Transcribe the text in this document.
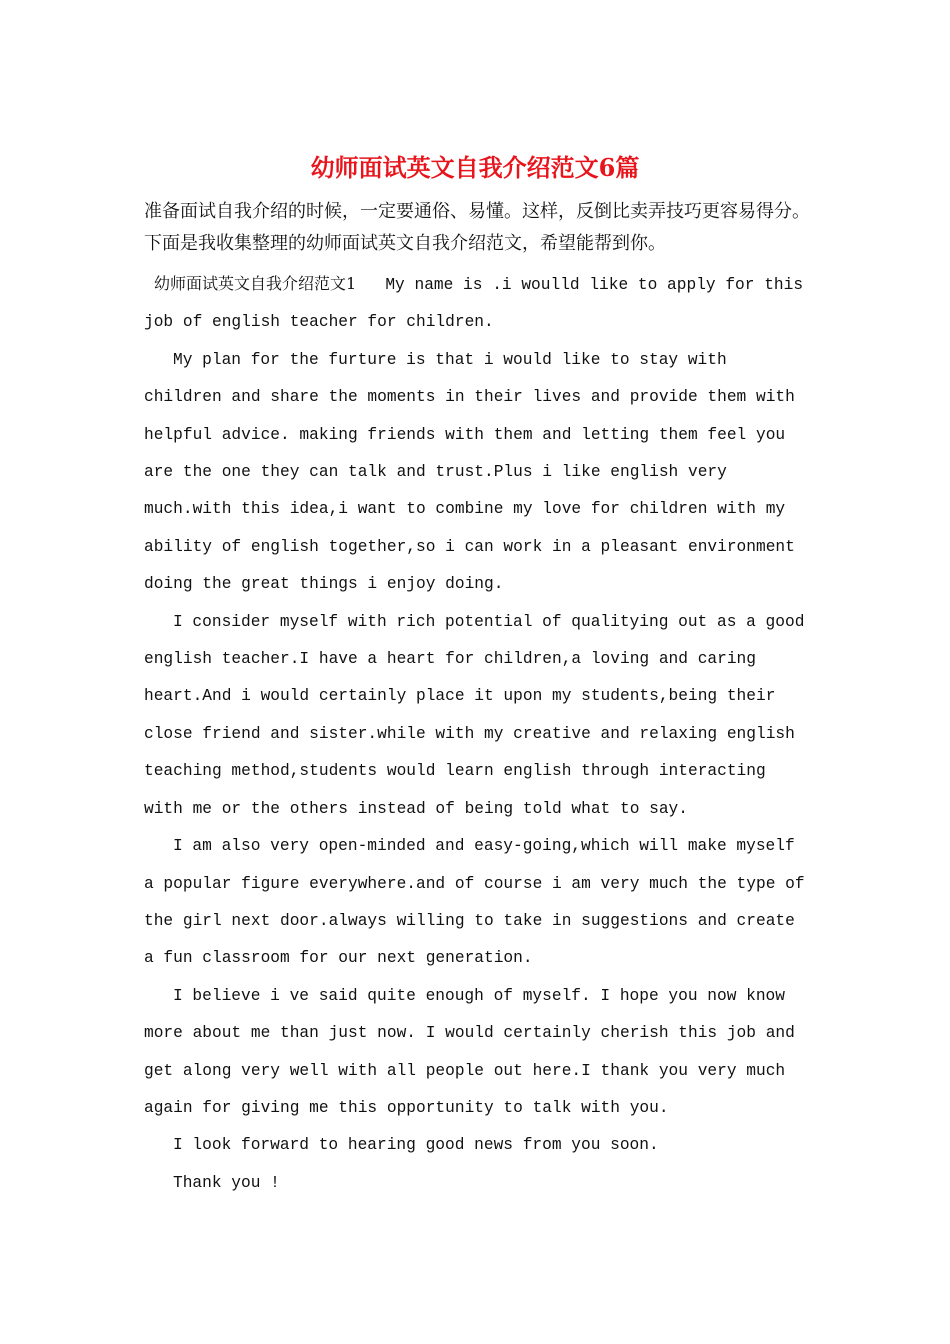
幼师面试英文自我介绍范文6篇

准备面试自我介绍的时候，一定要通俗、易懂。这样，反倒比卖弄技巧更容易得分。下面是我收集整理的幼师面试英文自我介绍范文，希望能帮到你。

幼师面试英文自我介绍范文1 My name is .i woulld like to apply for this job of english teacher for children.

My plan for the furture is that i would like to stay with children and share the moments in their lives and provide them with helpful advice. making friends with them and letting them feel you are the one they can talk and trust.Plus i like english very much.with this idea,i want to combine my love for children with my ability of english together,so i can work in a pleasant environment doing the great things i enjoy doing.

I consider myself with rich potential of qualitying out as a good english teacher.I have a heart for children,a loving and caring heart.And i would certainly place it upon my students,being their close friend and sister.while with my creative and relaxing english teaching method,students would learn english through interacting with me or the others instead of being told what to say.

I am also very open-minded and easy-going,which will make myself a popular figure everywhere.and of course i am very much the type of the girl next door.always willing to take in suggestions and create a fun classroom for our next generation.

I believe i ve said quite enough of myself. I hope you now know more about me than just now. I would certainly cherish this job and get along very well with all people out here.I thank you very much again for giving me this opportunity to talk with you.

I look forward to hearing good news from you soon.

Thank you !
